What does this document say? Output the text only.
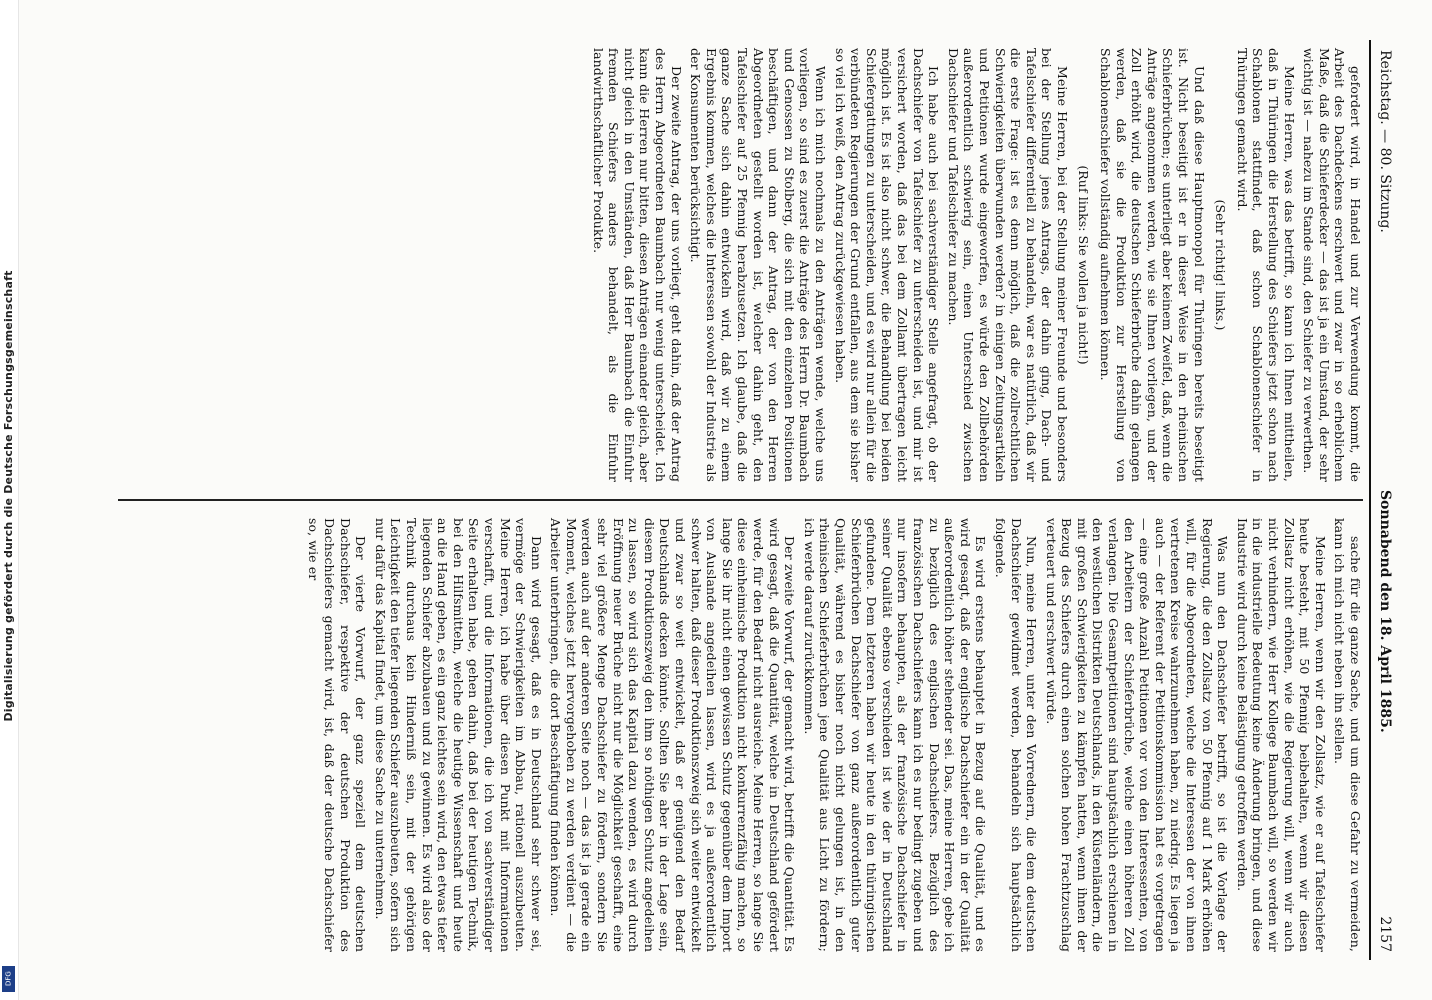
Digitalisierung gefördert durch die Deutsche Forschungsgemeinschaft
DFG
Reichstag. — 80. Sitzung.
Sonnabend den 18. April 1885.
2157

gefordert wird, in Handel und zur Verwendung kommt, die Arbeit des Dachdeckens erschwert und zwar in so erheblichem Maße, daß die Schieferdecker — das ist ja ein Umstand, der sehr wichtig ist — nahezu im Stande sind, den Schiefer zu verwerthen.

Meine Herren, was das betrifft, so kann ich Ihnen mittheilen, daß in Thüringen die Herstellung des Schiefers jetzt schon nach Schablonen stattfindet, daß schon Schablonenschiefer in Thüringen gemacht wird.

(Sehr richtig! links.)

Und daß diese Hauptmonopol für Thüringen bereits beseitigt ist. Nicht beseitigt ist er in dieser Weise in den rheinischen Schieferbrüchen; es unterliegt aber keinem Zweifel, daß, wenn die Anträge angenommen werden, wie sie Ihnen vorliegen, und der Zoll erhöht wird, die deutschen Schieferbrüche dahin gelangen werden, daß sie die Produktion zur Herstellung von Schablonenschiefer vollständig aufnehmen können.

(Ruf links: Sie wollen ja nicht!)

Meine Herren, bei der Stellung meiner Freunde und besonders bei der Stellung jenes Antrags, der dahin ging, Dach- und Tafelschiefer differentiell zu behandeln, war es natürlich, daß wir die erste Frage: ist es denn möglich, daß die zollrechtlichen Schwierigkeiten überwunden werden? in einigen Zeitungsartikeln und Petitionen wurde eingeworfen, es würde den Zollbehörden außerordentlich schwierig sein, einen Unterschied zwischen Dachschiefer und Tafelschiefer zu machen.

Ich habe auch bei sachverständiger Stelle angefragt, ob der Dachschiefer von Tafelschiefer zu unterscheiden ist, und mir ist versichert worden, daß das bei dem Zollamt übertragen leicht möglich ist. Es ist also nicht schwer, die Behandlung bei beiden Schiefergattungen zu unterscheiden, und es wird nur allein für die verbündeten Regierungen der Grund entfallen, aus dem sie bisher so viel ich weiß, den Antrag zurückgewiesen haben.

Wenn ich mich nochmals zu den Anträgen wende, welche uns vorliegen, so sind es zuerst die Anträge des Herrn Dr. Baumbach und Genossen zu Stolberg, die sich mit den einzelnen Positionen beschäftigen, und dann der Antrag, der von den Herren Abgeordneten gestellt worden ist, welcher dahin geht, den Tafelschiefer auf 25 Pfennig herabzusetzen. Ich glaube, daß die ganze Sache sich dahin entwickeln wird, daß wir zu einem Ergebnis kommen, welches die Interessen sowohl der Industrie als der Konsumenten berücksichtigt.

Der zweite Antrag, der uns vorliegt, geht dahin, daß der Antrag des Herrn Abgeordneten Baumbach nur wenig unterscheidet. Ich kann die Herren nur bitten, diesen Anträgen einander gleich, aber nicht gleich in den Umständen, daß Herr Baumbach die Einfuhr fremden Schiefers anders behandelt, als die Einfuhr landwirthschaftlicher Produkte.

sache für die ganze Sache, und um diese Gefahr zu vermeiden, kann ich mich nicht neben ihn stellen.

Meine Herren, wenn wir den Zollsatz, wie er auf Tafelschiefer heute besteht, mit 50 Pfennig beibehalten, wenn wir diesen Zollsatz nicht erhöhen, wie die Regierung will, wenn wir auch nicht verhindern, wie Herr Kollege Baumbach will, so werden wir in die industrielle Bedeutung keine Änderung bringen, und diese Industrie wird durch keine Belästigung getroffen werden.

Was nun den Dachschiefer betrifft, so ist die Vorlage der Regierung, die den Zollsatz von 50 Pfennig auf 1 Mark erhöhen will, für die Abgeordneten, welche die Interessen der von ihnen vertretenen Kreise wahrzunehmen haben, zu niedrig. Es liegen ja auch — der Referent der Petitionskommission hat es vorgetragen — eine große Anzahl Petitionen vor von den Interessenten, von den Arbeitern der Schieferbrüche, welche einen höheren Zoll verlangen. Die Gesamtpetitionen sind hauptsächlich erschienen in den westlichen Distrikten Deutschlands, in den Küstenländern, die mit großen Schwierigkeiten zu kämpfen hatten, wenn ihnen der Bezug des Schiefers durch einen solchen hohen Frachtzuschlag verteuert und erschwert würde.

Nun, meine Herren, unter den Vorrednern, die dem deutschen Dachschiefer gewidmet werden, behandeln sich hauptsächlich folgende.

Es wird erstens behauptet in Bezug auf die Qualität, und es wird gesagt, daß der englische Dachschiefer ein in der Qualität außerordentlich höher stehender sei. Das, meine Herren, gebe ich zu bezüglich des englischen Dachschiefers. Bezüglich des französischen Dachschiefers kann ich es nur bedingt zugeben und nur insofern behaupten, als der französische Dachschiefer in seiner Qualität ebenso verschieden ist wie der in Deutschland gefundene. Dem letzteren haben wir heute in den thüringischen Schieferbrüchen Dachschiefer von ganz außerordentlich guter Qualität, während es bisher noch nicht gelungen ist, in den rheinischen Schieferbrüchen jene Qualität aus Licht zu fördern; ich werde darauf zurückkommen.

Der zweite Vorwurf, der gemacht wird, betrifft die Quantität. Es wird gesagt, daß die Quantität, welche in Deutschland gefördert werde, für den Bedarf nicht ausreiche. Meine Herren, so lange Sie diese einheimische Produktion nicht konkurrenzfähig machen, so lange Sie ihr nicht einen gewissen Schutz gegenüber dem Import von Auslande angedeihen lassen, wird es ja außerordentlich schwer halten, daß dieser Produktionszweig sich weiter entwickelt und zwar so weit entwickelt, daß er genügend den Bedarf Deutschlands decken könnte. Sollten Sie aber in der Lage sein, diesem Produktionszweig den ihm so nöthigen Schutz angedeihen zu lassen, so wird sich das Kapital dazu wenden, es wird durch Eröffnung neuer Brüche nicht nur die Möglichkeit geschafft, eine sehr viel größere Menge Dachschiefer zu fördern, sondern Sie werden auch auf der anderen Seite noch — das ist ja gerade ein Moment, welches jetzt hervorgehoben zu werden verdient — die Arbeiter unterbringen, die dort Beschäftigung finden können.

Dann wird gesagt, daß es in Deutschland sehr schwer sei, vermöge der Schwierigkeiten im Abbau, rationell auszubeuten. Meine Herren, ich habe über diesen Punkt mit Informationen verschafft, und die Informationen, die ich von sachverständiger Seite erhalten habe, gehen dahin, daß bei der heutigen Technik, bei den Hilfsmitteln, welche die heutige Wissenschaft und heute an die Hand geben, es ein ganz leichtes sein wird, den etwas tiefer liegenden Schiefer abzubauen und zu gewinnen. Es wird also der Technik durchaus kein Hinderniß sein, mit der gehörigen Leichtigkeit den tiefer liegenden Schiefer auszubeuten, sofern sich nur dafür das Kapital findet, um diese Sache zu unternehmen.

Der vierte Vorwurf, der ganz speziell dem deutschen Dachschiefer, respektive der deutschen Produktion des Dachschiefers gemacht wird, ist, daß der deutsche Dachschiefer so, wie er
